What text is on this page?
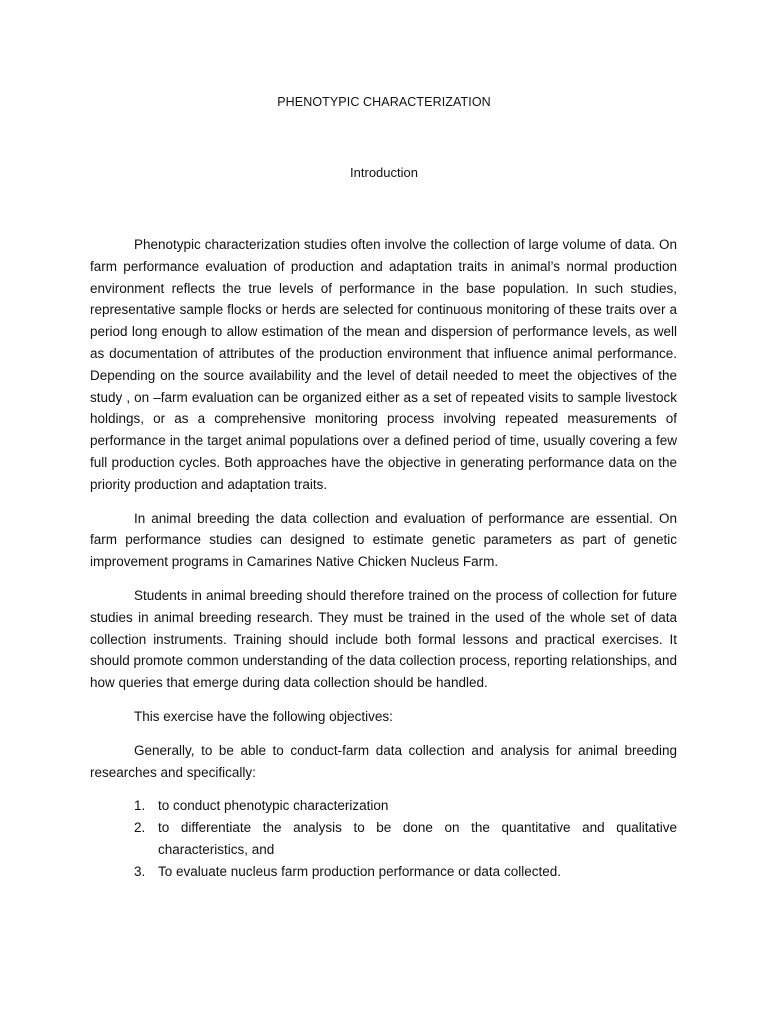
PHENOTYPIC CHARACTERIZATION
Introduction

Phenotypic characterization studies often involve the collection of large volume of data. On farm performance evaluation of production and adaptation traits in animal’s normal production environment reflects the true levels of performance in the base population. In such studies, representative sample flocks or herds are selected for continuous monitoring of these traits over a period long enough to allow estimation of the mean and dispersion of performance levels, as well as documentation of attributes of the production environment that influence animal performance. Depending on the source availability and the level of detail needed to meet the objectives of the study , on –farm evaluation can be organized either as a set of repeated visits to sample livestock holdings, or as a comprehensive monitoring process involving repeated measurements of performance in the target animal populations over a defined period of time, usually covering a few full production cycles. Both approaches have the objective in generating performance data on the priority production and adaptation traits.

In animal breeding the data collection and evaluation of performance are essential. On farm performance studies can designed to estimate genetic parameters as part of genetic improvement programs in Camarines Native Chicken Nucleus Farm.

Students in animal breeding should therefore trained on the process of collection for future studies in animal breeding research. They must be trained in the used of the whole set of data collection instruments. Training should include both formal lessons and practical exercises. It should promote common understanding of the data collection process, reporting relationships, and how queries that emerge during data collection should be handled.

This exercise have the following objectives:

Generally, to be able to conduct-farm data collection and analysis for animal breeding researches and specifically:

1. to conduct phenotypic characterization
2. to differentiate the analysis to be done on the quantitative and qualitative characteristics, and
3. To evaluate nucleus farm production performance or data collected.
